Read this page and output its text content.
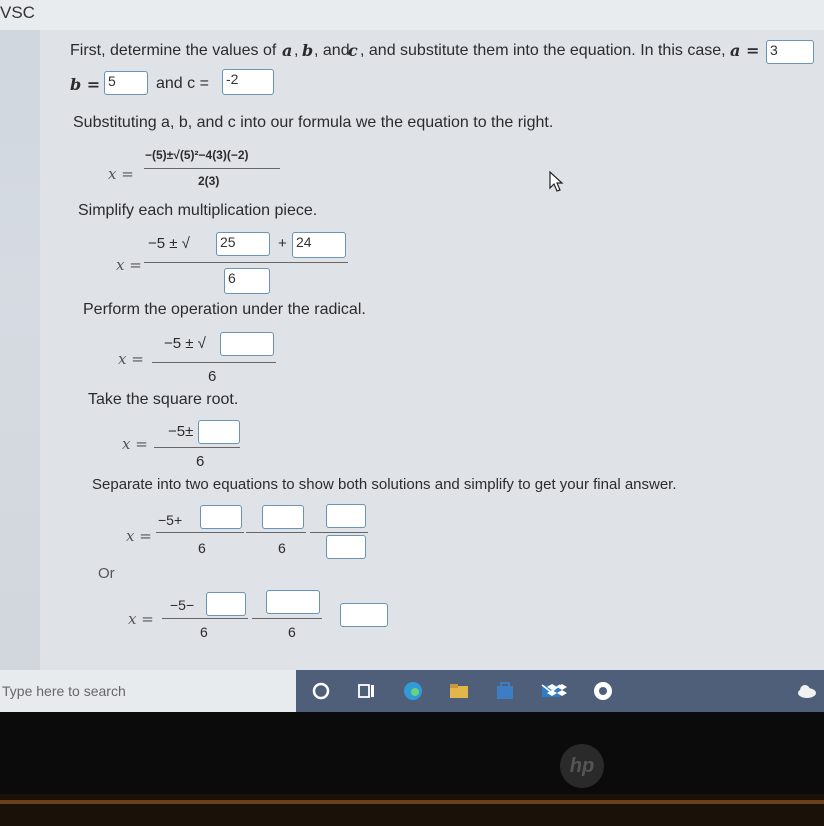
VSC
First, determine the values of a , b , and
c , and substitute them into the equation. In this case, a = 3
b = 5	and c = -2
Substituting a, b, and c into our formula we the equation to the right.
x =
−(5)±√(5)²−4(3)(−2)
2(3)
Simplify each multiplication piece.
x =
−5 ± √ 25	+ 24
6
Perform the operation under the radical.
x =
−5 ± √
6
Take the square root.
x =
−5±
6
Separate into two equations to show both solutions and simplify to get your final answer.
x =
−5+
6	6
Or
x =
−5−
6	6
Type here to search
hp
